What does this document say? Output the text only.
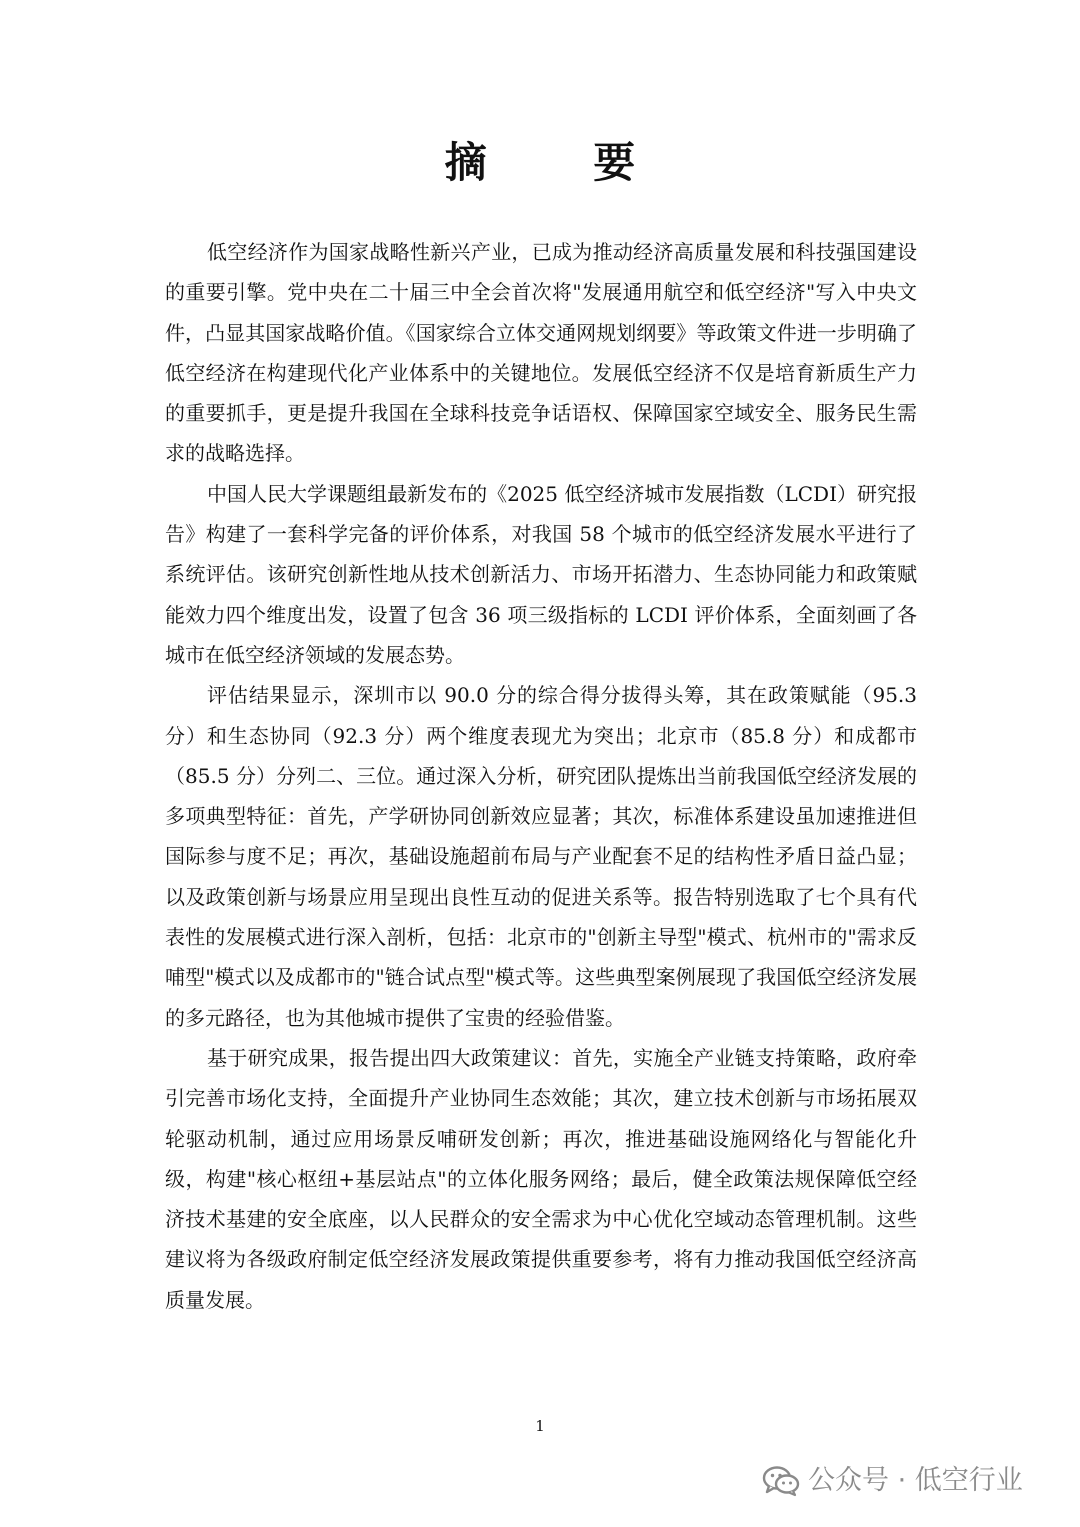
摘 要

低空经济作为国家战略性新兴产业，已成为推动经济高质量发展和科技强国建设的重要引擎。党中央在二十届三中全会首次将"发展通用航空和低空经济"写入中央文件，凸显其国家战略价值。《国家综合立体交通网规划纲要》等政策文件进一步明确了低空经济在构建现代化产业体系中的关键地位。发展低空经济不仅是培育新质生产力的重要抓手，更是提升我国在全球科技竞争话语权、保障国家空域安全、服务民生需求的战略选择。

中国人民大学课题组最新发布的《2025 低空经济城市发展指数（LCDI）研究报告》构建了一套科学完备的评价体系，对我国 58 个城市的低空经济发展水平进行了系统评估。该研究创新性地从技术创新活力、市场开拓潜力、生态协同能力和政策赋能效力四个维度出发，设置了包含 36 项三级指标的 LCDI 评价体系，全面刻画了各城市在低空经济领域的发展态势。

评估结果显示，深圳市以 90.0 分的综合得分拔得头筹，其在政策赋能（95.3 分）和生态协同（92.3 分）两个维度表现尤为突出；北京市（85.8 分）和成都市（85.5 分）分列二、三位。通过深入分析，研究团队提炼出当前我国低空经济发展的多项典型特征：首先，产学研协同创新效应显著；其次，标准体系建设虽加速推进但国际参与度不足；再次，基础设施超前布局与产业配套不足的结构性矛盾日益凸显；以及政策创新与场景应用呈现出良性互动的促进关系等。报告特别选取了七个具有代表性的发展模式进行深入剖析，包括：北京市的"创新主导型"模式、杭州市的"需求反哺型"模式以及成都市的"链合试点型"模式等。这些典型案例展现了我国低空经济发展的多元路径，也为其他城市提供了宝贵的经验借鉴。

基于研究成果，报告提出四大政策建议：首先，实施全产业链支持策略，政府牵引完善市场化支持，全面提升产业协同生态效能；其次，建立技术创新与市场拓展双轮驱动机制，通过应用场景反哺研发创新；再次，推进基础设施网络化与智能化升级，构建"核心枢纽+基层站点"的立体化服务网络；最后，健全政策法规保障低空经济技术基建的安全底座，以人民群众的安全需求为中心优化空域动态管理机制。这些建议将为各级政府制定低空经济发展政策提供重要参考，将有力推动我国低空经济高质量发展。

1
公众号 · 低空行业
